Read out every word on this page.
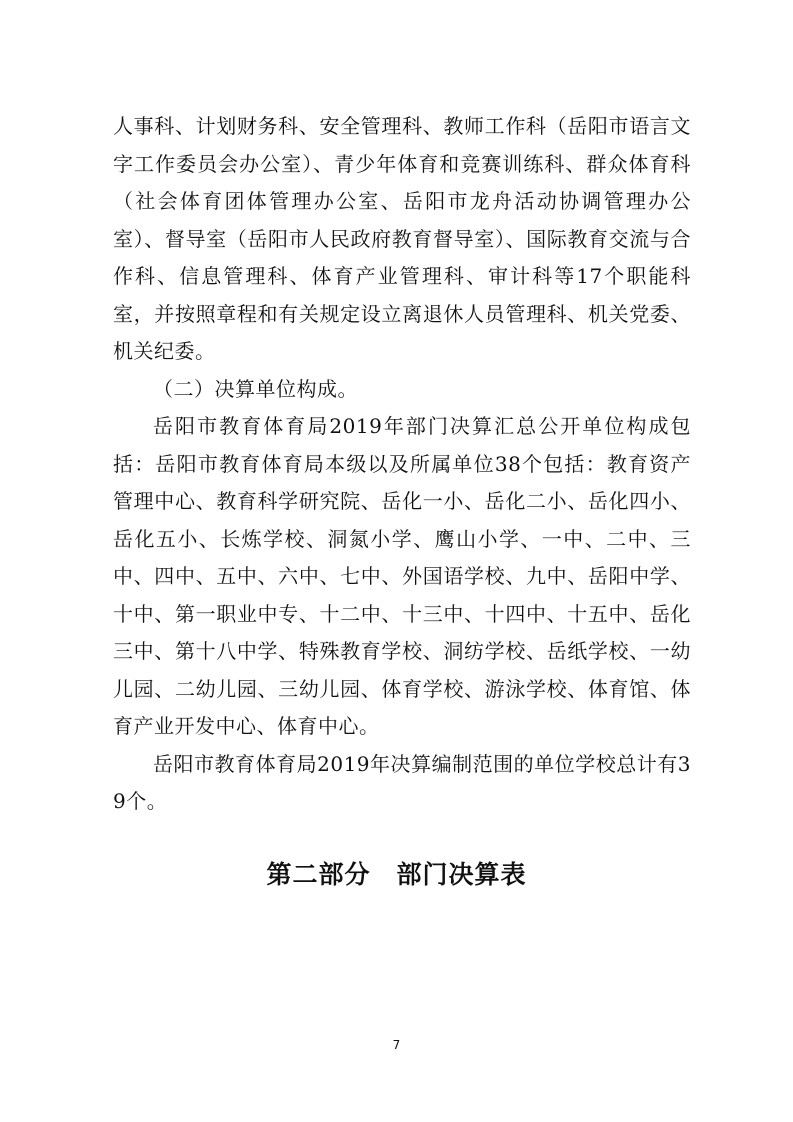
人事科、计划财务科、安全管理科、教师工作科（岳阳市语言文字工作委员会办公室）、青少年体育和竞赛训练科、群众体育科（社会体育团体管理办公室、岳阳市龙舟活动协调管理办公室）、督导室（岳阳市人民政府教育督导室）、国际教育交流与合作科、信息管理科、体育产业管理科、审计科等17个职能科室，并按照章程和有关规定设立离退休人员管理科、机关党委、机关纪委。

（二）决算单位构成。

岳阳市教育体育局2019年部门决算汇总公开单位构成包括：岳阳市教育体育局本级以及所属单位38个包括：教育资产管理中心、教育科学研究院、岳化一小、岳化二小、岳化四小、岳化五小、长炼学校、洞氮小学、鹰山小学、一中、二中、三中、四中、五中、六中、七中、外国语学校、九中、岳阳中学、十中、第一职业中专、十二中、十三中、十四中、十五中、岳化三中、第十八中学、特殊教育学校、洞纺学校、岳纸学校、一幼儿园、二幼儿园、三幼儿园、体育学校、游泳学校、体育馆、体育产业开发中心、体育中心。

岳阳市教育体育局2019年决算编制范围的单位学校总计有39个。

第二部分　部门决算表
7
